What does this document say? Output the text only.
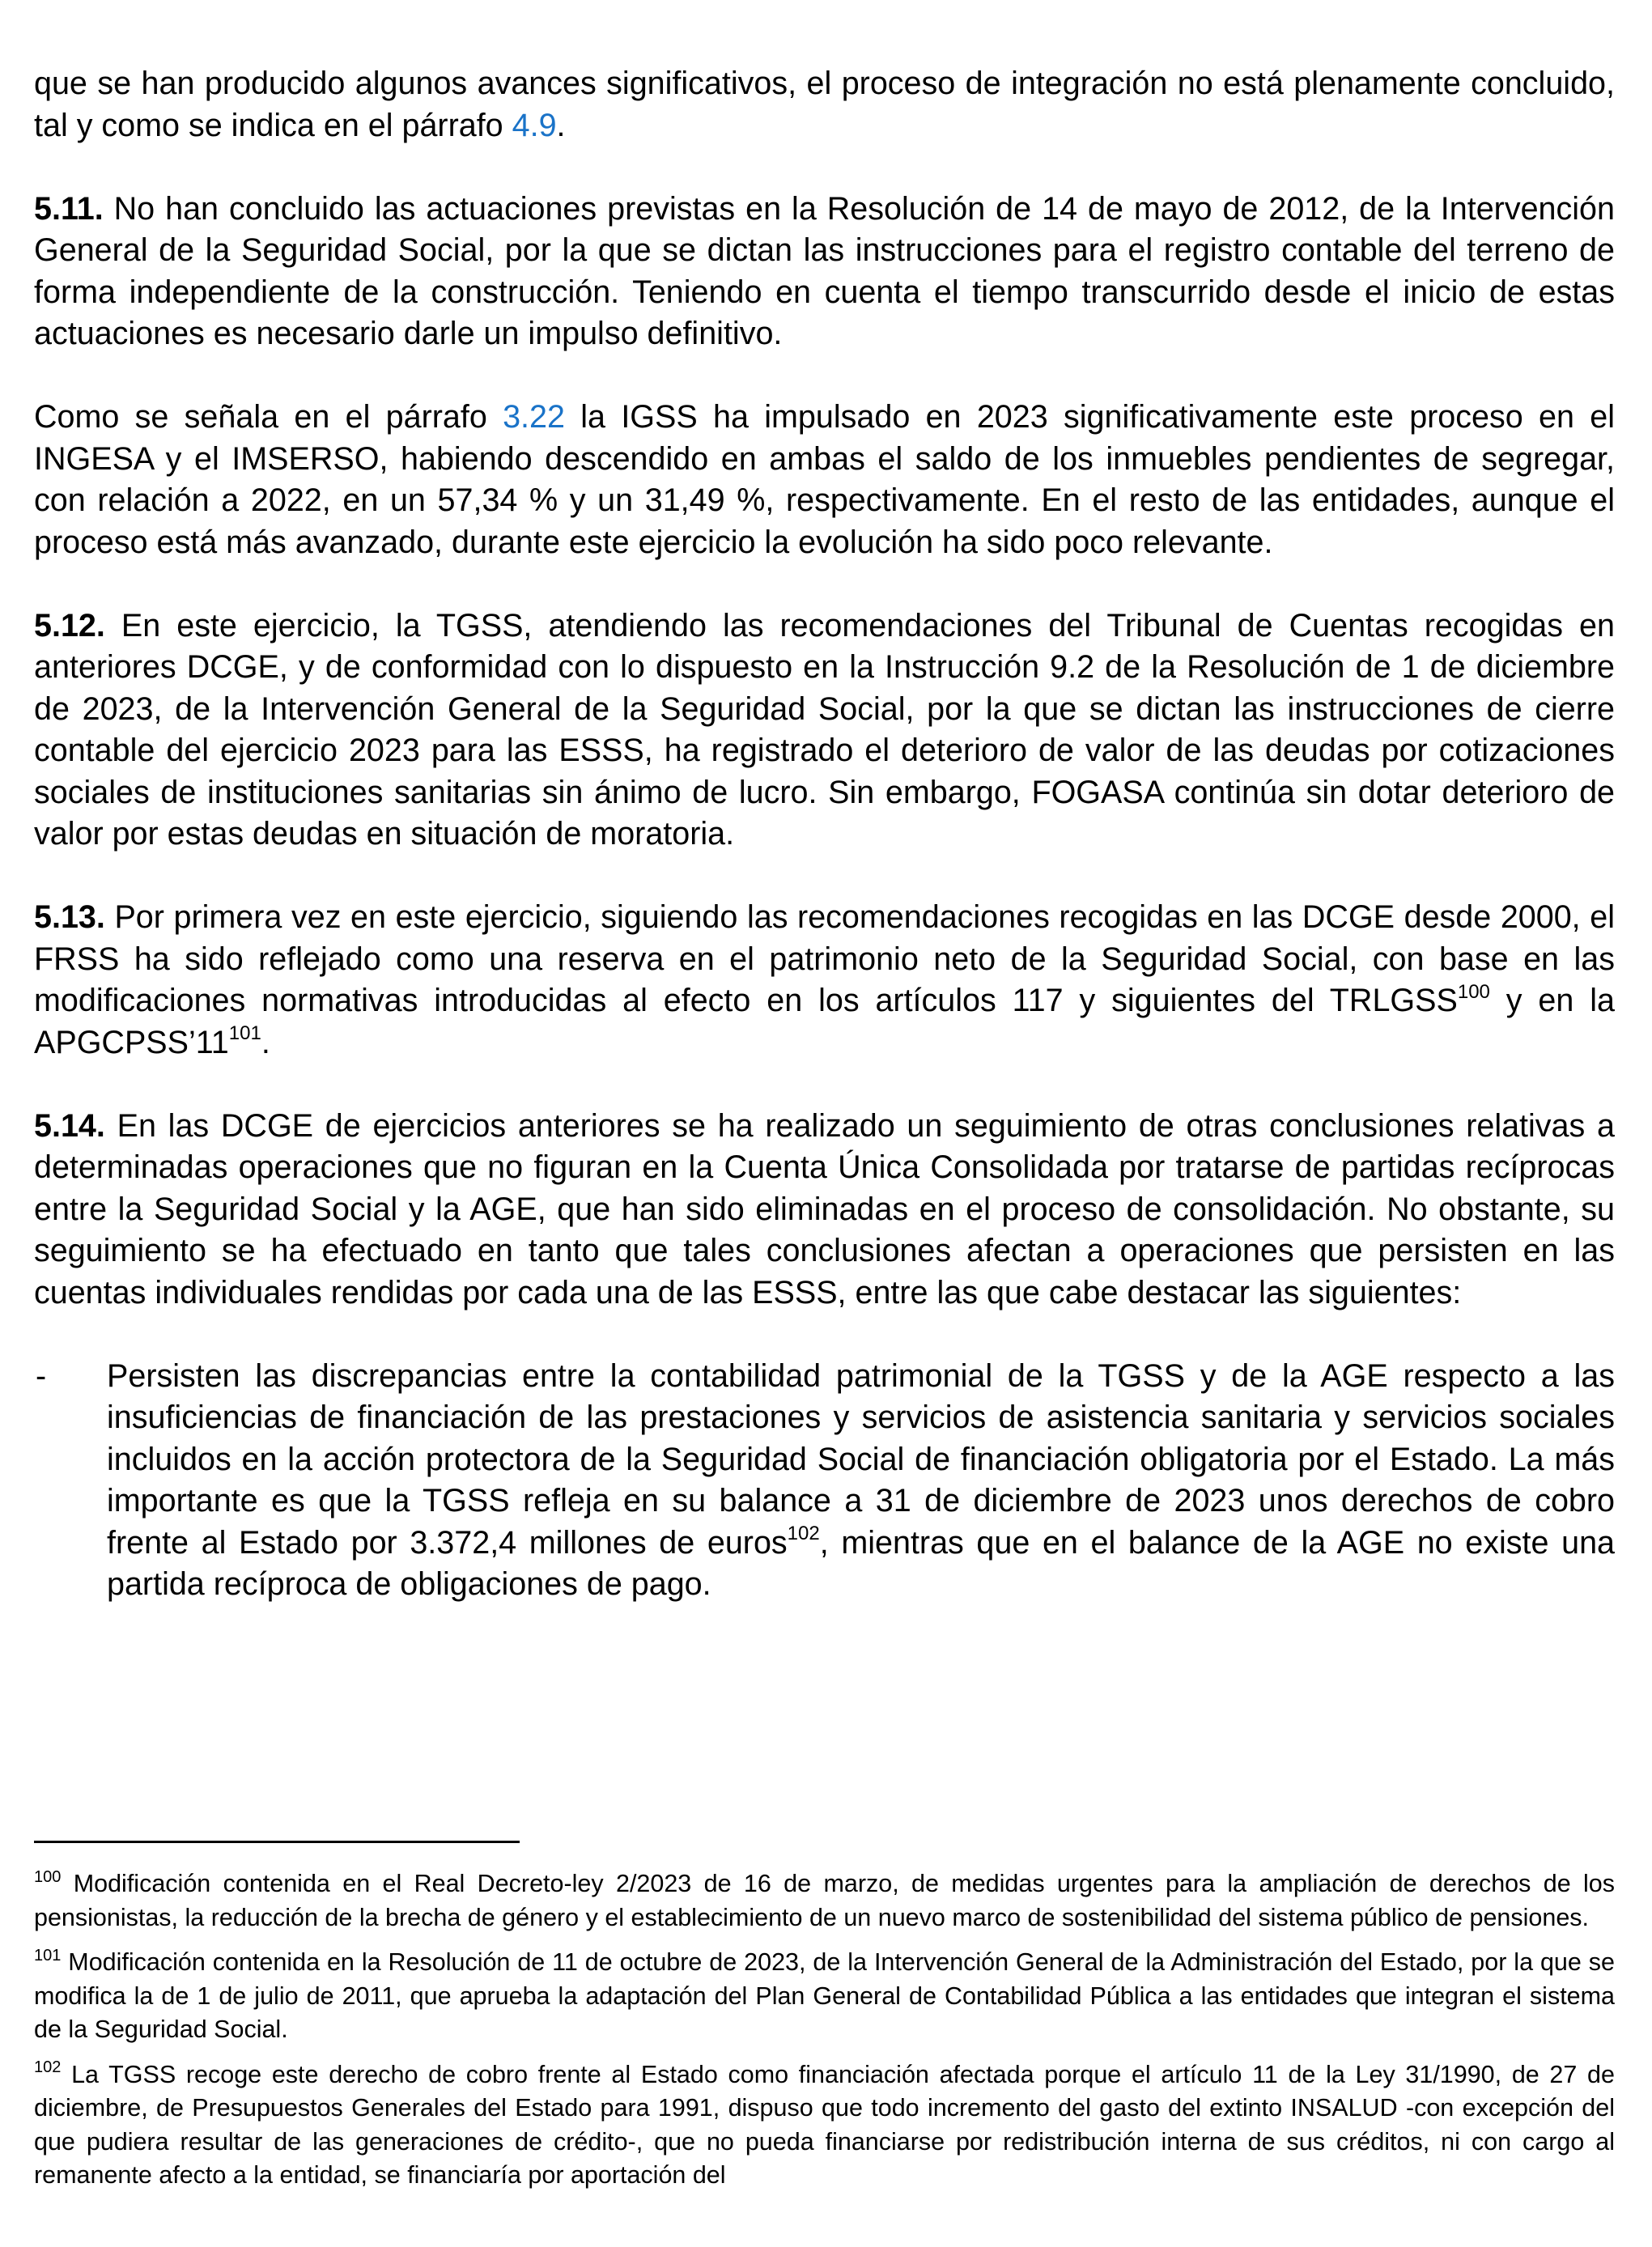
que se han producido algunos avances significativos, el proceso de integración no está plenamente concluido, tal y como se indica en el párrafo 4.9.

5.11. No han concluido las actuaciones previstas en la Resolución de 14 de mayo de 2012, de la Intervención General de la Seguridad Social, por la que se dictan las instrucciones para el registro contable del terreno de forma independiente de la construcción. Teniendo en cuenta el tiempo transcurrido desde el inicio de estas actuaciones es necesario darle un impulso definitivo.

Como se señala en el párrafo 3.22 la IGSS ha impulsado en 2023 significativamente este proceso en el INGESA y el IMSERSO, habiendo descendido en ambas el saldo de los inmuebles pendientes de segregar, con relación a 2022, en un 57,34 % y un 31,49 %, respectivamente. En el resto de las entidades, aunque el proceso está más avanzado, durante este ejercicio la evolución ha sido poco relevante.

5.12. En este ejercicio, la TGSS, atendiendo las recomendaciones del Tribunal de Cuentas recogidas en anteriores DCGE, y de conformidad con lo dispuesto en la Instrucción 9.2 de la Resolución de 1 de diciembre de 2023, de la Intervención General de la Seguridad Social, por la que se dictan las instrucciones de cierre contable del ejercicio 2023 para las ESSS, ha registrado el deterioro de valor de las deudas por cotizaciones sociales de instituciones sanitarias sin ánimo de lucro. Sin embargo, FOGASA continúa sin dotar deterioro de valor por estas deudas en situación de moratoria.

5.13. Por primera vez en este ejercicio, siguiendo las recomendaciones recogidas en las DCGE desde 2000, el FRSS ha sido reflejado como una reserva en el patrimonio neto de la Seguridad Social, con base en las modificaciones normativas introducidas al efecto en los artículos 117 y siguientes del TRLGSS$^{100}$ y en la $APGCPSS’11^{101}$.

5.14. En las DCGE de ejercicios anteriores se ha realizado un seguimiento de otras conclusiones relativas a determinadas operaciones que no figuran en la Cuenta Única Consolidada por tratarse de partidas recíprocas entre la Seguridad Social y la AGE, que han sido eliminadas en el proceso de consolidación. No obstante, su seguimiento se ha efectuado en tanto que tales conclusiones afectan a operaciones que persisten en las cuentas individuales rendidas por cada una de las ESSS, entre las que cabe destacar las siguientes:

-	Persisten las discrepancias entre la contabilidad patrimonial de la TGSS y de la AGE respecto a las insuficiencias de financiación de las prestaciones y servicios de asistencia sanitaria y servicios sociales incluidos en la acción protectora de la Seguridad Social de financiación obligatoria por el Estado. La más importante es que la TGSS refleja en su balance a 31 de diciembre de 2023 unos derechos de cobro frente al Estado por 3.372,4 millones de euros$^{102}$, mientras que en el balance de la AGE no existe una partida recíproca de obligaciones de pago.

$^{100}$ Modificación contenida en el Real Decreto-ley 2/2023 de 16 de marzo, de medidas urgentes para la ampliación de derechos de los pensionistas, la reducción de la brecha de género y el establecimiento de un nuevo marco de sostenibilidad del sistema público de pensiones.

$^{101}$ Modificación contenida en la Resolución de 11 de octubre de 2023, de la Intervención General de la Administración del Estado, por la que se modifica la de 1 de julio de 2011, que aprueba la adaptación del Plan General de Contabilidad Pública a las entidades que integran el sistema de la Seguridad Social.

$^{102}$ La TGSS recoge este derecho de cobro frente al Estado como financiación afectada porque el artículo 11 de la Ley 31/1990, de 27 de diciembre, de Presupuestos Generales del Estado para 1991, dispuso que todo incremento del gasto del extinto INSALUD -con excepción del que pudiera resultar de las generaciones de crédito-, que no pueda financiarse por redistribución interna de sus créditos, ni con cargo al remanente afecto a la entidad, se financiaría por aportación del
